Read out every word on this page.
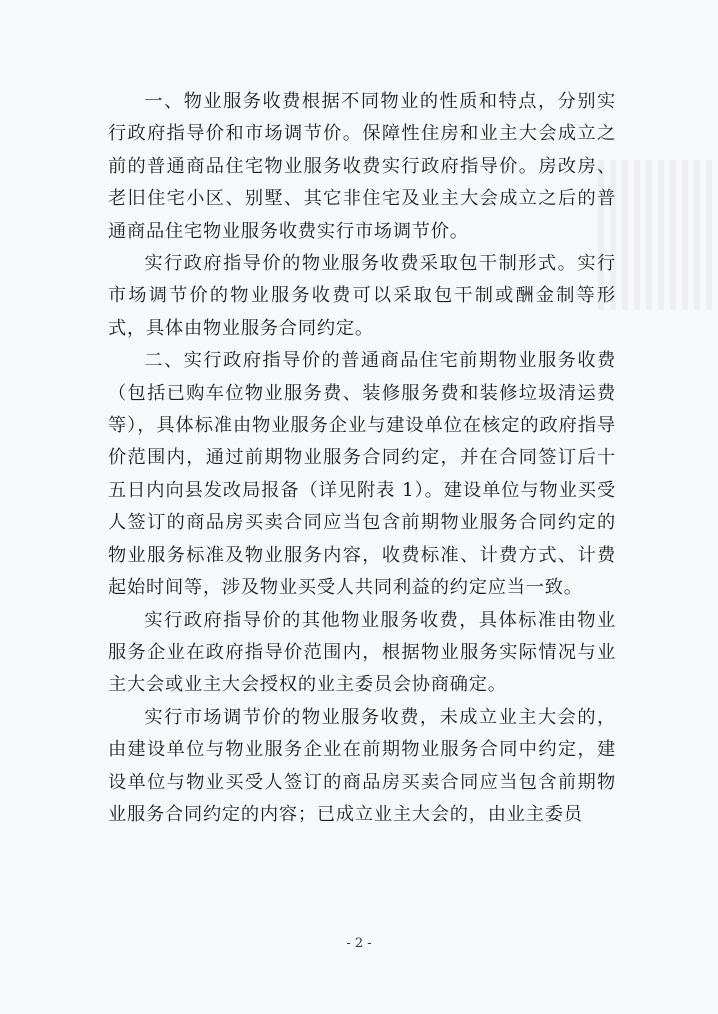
一、物业服务收费根据不同物业的性质和特点，分别实行政府指导价和市场调节价。保障性住房和业主大会成立之前的普通商品住宅物业服务收费实行政府指导价。房改房、老旧住宅小区、别墅、其它非住宅及业主大会成立之后的普通商品住宅物业服务收费实行市场调节价。

实行政府指导价的物业服务收费采取包干制形式。实行市场调节价的物业服务收费可以采取包干制或酬金制等形式，具体由物业服务合同约定。

二、实行政府指导价的普通商品住宅前期物业服务收费（包括已购车位物业服务费、装修服务费和装修垃圾清运费等），具体标准由物业服务企业与建设单位在核定的政府指导价范围内，通过前期物业服务合同约定，并在合同签订后十五日内向县发改局报备（详见附表 1）。建设单位与物业买受人签订的商品房买卖合同应当包含前期物业服务合同约定的物业服务标准及物业服务内容，收费标准、计费方式、计费起始时间等，涉及物业买受人共同利益的约定应当一致。

实行政府指导价的其他物业服务收费，具体标准由物业服务企业在政府指导价范围内，根据物业服务实际情况与业主大会或业主大会授权的业主委员会协商确定。

实行市场调节价的物业服务收费，未成立业主大会的，由建设单位与物业服务企业在前期物业服务合同中约定，建设单位与物业买受人签订的商品房买卖合同应当包含前期物业服务合同约定的内容；已成立业主大会的，由业主委员

- 2 -
